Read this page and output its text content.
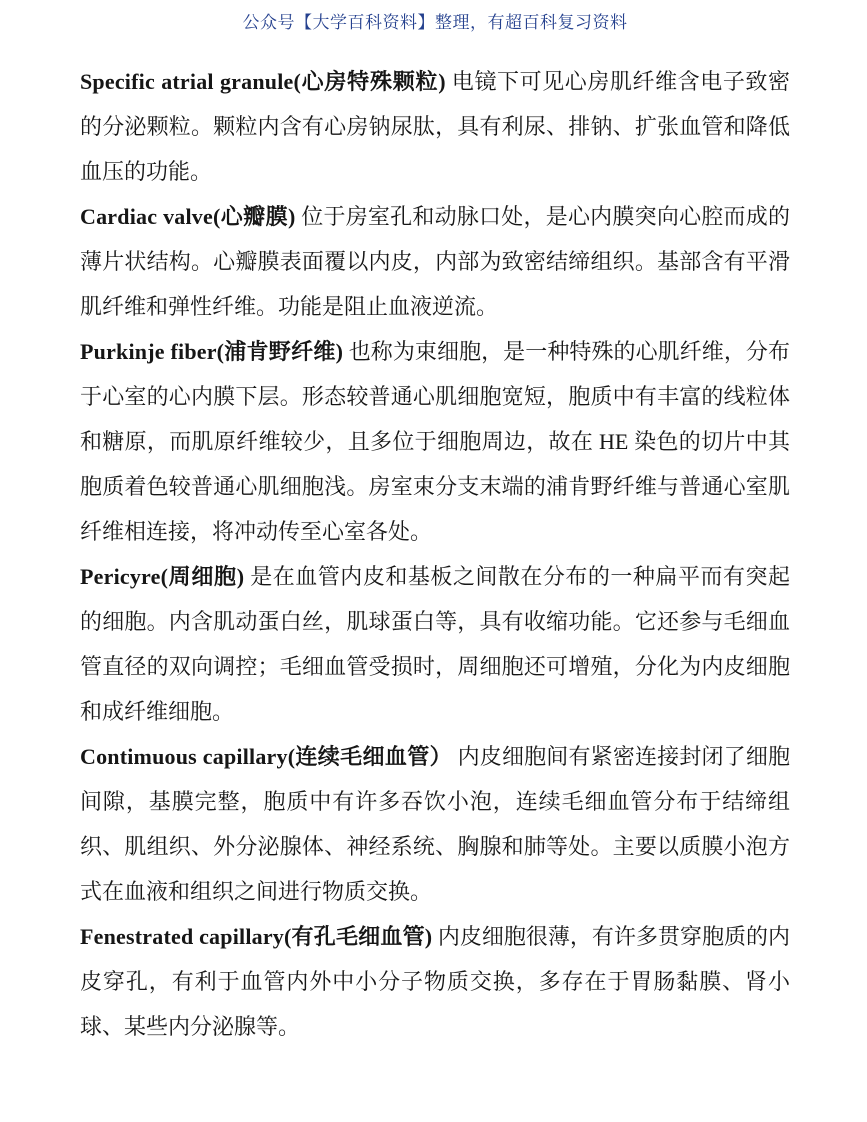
公众号【大学百科资料】整理，有超百科复习资料

Specific atrial granule(心房特殊颗粒) 电镜下可见心房肌纤维含电子致密的分泌颗粒。颗粒内含有心房钠尿肽，具有利尿、排钠、扩张血管和降低血压的功能。

Cardiac valve(心瓣膜) 位于房室孔和动脉口处，是心内膜突向心腔而成的薄片状结构。心瓣膜表面覆以内皮，内部为致密结缔组织。基部含有平滑肌纤维和弹性纤维。功能是阻止血液逆流。

Purkinje fiber(浦肯野纤维) 也称为束细胞，是一种特殊的心肌纤维，分布于心室的心内膜下层。形态较普通心肌细胞宽短，胞质中有丰富的线粒体和糖原，而肌原纤维较少，且多位于细胞周边，故在 HE 染色的切片中其胞质着色较普通心肌细胞浅。房室束分支末端的浦肯野纤维与普通心室肌纤维相连接，将冲动传至心室各处。

Pericyre(周细胞) 是在血管内皮和基板之间散在分布的一种扁平而有突起的细胞。内含肌动蛋白丝，肌球蛋白等，具有收缩功能。它还参与毛细血管直径的双向调控；毛细血管受损时，周细胞还可增殖，分化为内皮细胞和成纤维细胞。

Contimuous capillary(连续毛细血管） 内皮细胞间有紧密连接封闭了细胞间隙，基膜完整，胞质中有许多吞饮小泡，连续毛细血管分布于结缔组织、肌组织、外分泌腺体、神经系统、胸腺和肺等处。主要以质膜小泡方式在血液和组织之间进行物质交换。

Fenestrated capillary(有孔毛细血管) 内皮细胞很薄，有许多贯穿胞质的内皮穿孔，有利于血管内外中小分子物质交换，多存在于胃肠黏膜、肾小球、某些内分泌腺等。
